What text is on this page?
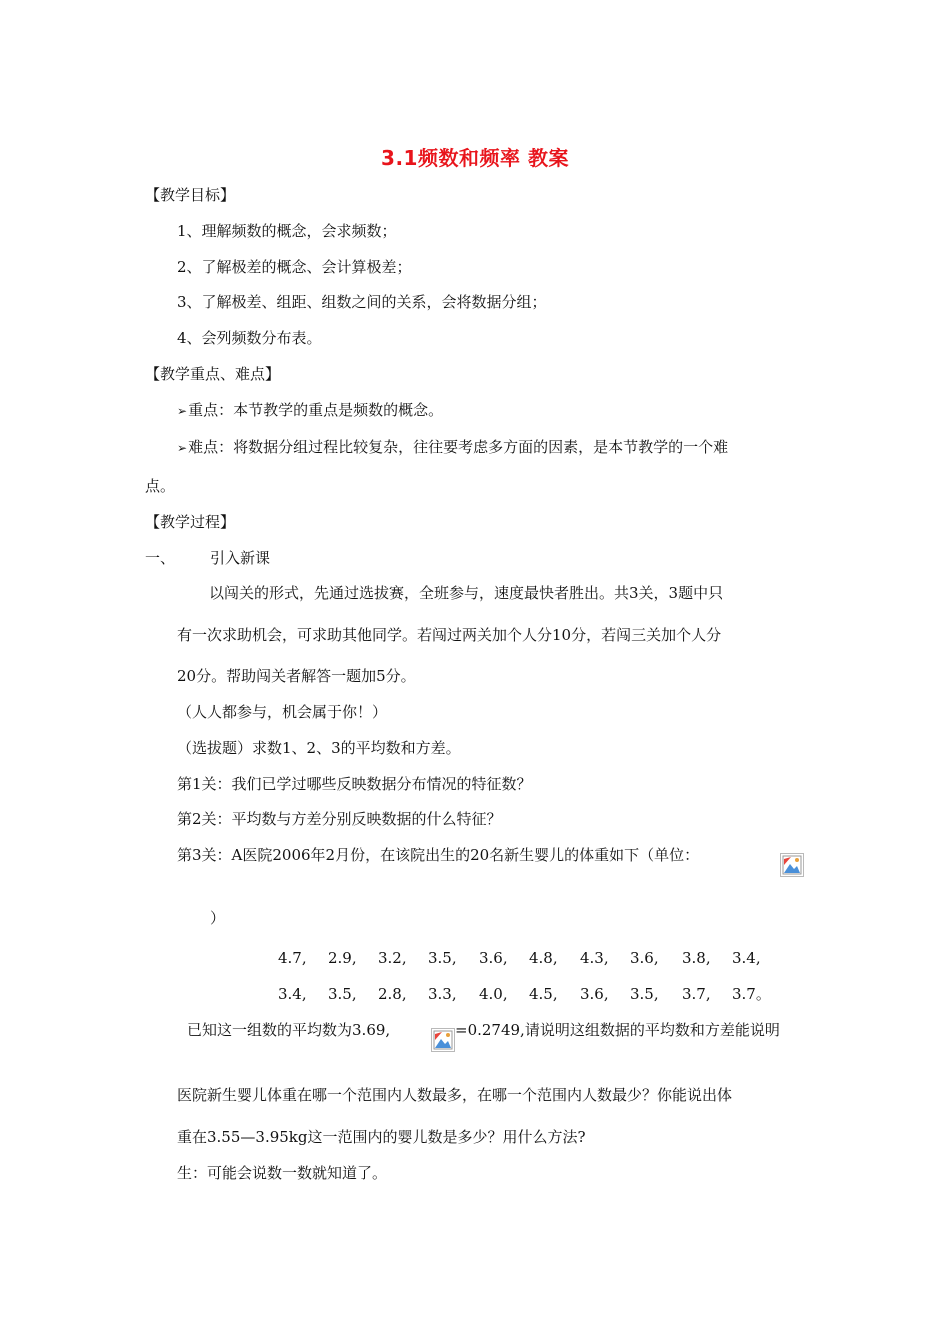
3.1频数和频率 教案
【教学目标】
1、理解频数的概念，会求频数；
2、了解极差的概念、会计算极差；
3、了解极差、组距、组数之间的关系，会将数据分组；
4、会列频数分布表。
【教学重点、难点】
➢重点：本节教学的重点是频数的概念。
➢难点：将数据分组过程比较复杂，往往要考虑多方面的因素，是本节教学的一个难
点。
【教学过程】
一、 引入新课
以闯关的形式，先通过选拔赛，全班参与，速度最快者胜出。共3关，3题中只
有一次求助机会，可求助其他同学。若闯过两关加个人分10分，若闯三关加个人分
20分。帮助闯关者解答一题加5分。
（人人都参与，机会属于你！）
（选拔题）求数1、2、3的平均数和方差。
第1关：我们已学过哪些反映数据分布情况的特征数？
第2关：平均数与方差分别反映数据的什么特征？
第3关：A医院2006年2月份，在该院出生的20名新生婴儿的体重如下（单位：
）
4.7, 2.9, 3.2, 3.5, 3.6, 4.8, 4.3, 3.6, 3.8, 3.4,
3.4, 3.5, 2.8, 3.3, 4.0, 4.5, 3.6, 3.5, 3.7, 3.7。
已知这一组数的平均数为3.69,	=0.2749,请说明这组数据的平均数和方差能说明
医院新生婴儿体重在哪一个范围内人数最多，在哪一个范围内人数最少？你能说出体
重在3.55—3.95kg这一范围内的婴儿数是多少？用什么方法?
生：可能会说数一数就知道了。
